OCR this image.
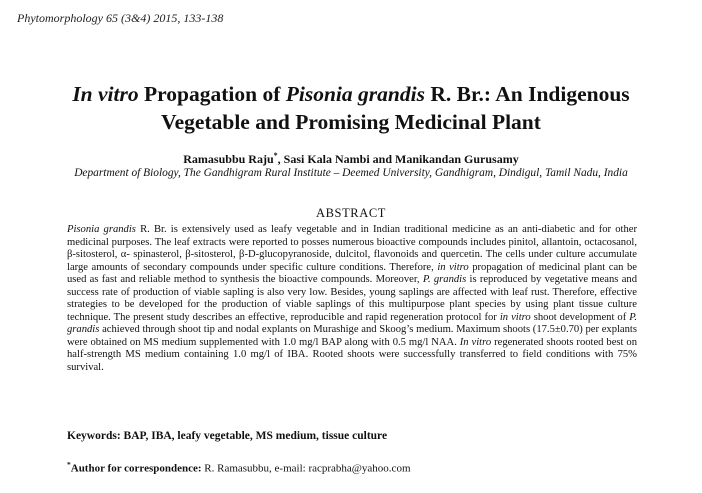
Phytomorphology 65 (3&4) 2015, 133-138
In vitro Propagation of Pisonia grandis R. Br.: An Indigenous
Vegetable and Promising Medicinal Plant
Ramasubbu Raju*, Sasi Kala Nambi and Manikandan Gurusamy
Department of Biology, The Gandhigram Rural Institute – Deemed University, Gandhigram, Dindigul, Tamil Nadu, India
ABSTRACT
Pisonia grandis R. Br. is extensively used as leafy vegetable and in Indian traditional medicine as an anti-diabetic and for other medicinal purposes. The leaf extracts were reported to posses numerous bioactive compounds includes pinitol, allantoin, octacosanol, β-sitosterol, α- spinasterol, β-sitosterol, β-D-glucopyranoside, dulcitol, flavonoids and quercetin. The cells under culture accumulate large amounts of secondary compounds under specific culture conditions. Therefore, in vitro propagation of medicinal plant can be used as fast and reliable method to synthesis the bioactive compounds. Moreover, P. grandis is reproduced by vegetative means and success rate of production of viable sapling is also very low. Besides, young saplings are affected with leaf rust. Therefore, effective strategies to be developed for the production of viable saplings of this multipurpose plant species by using plant tissue culture technique. The present study describes an effective, reproducible and rapid regeneration protocol for in vitro shoot development of P. grandis achieved through shoot tip and nodal explants on Murashige and Skoog’s medium. Maximum shoots (17.5±0.70) per explants were obtained on MS medium supplemented with 1.0 mg/l BAP along with 0.5 mg/l NAA. In vitro regenerated shoots rooted best on half-strength MS medium containing 1.0 mg/l of IBA. Rooted shoots were successfully transferred to field conditions with 75% survival.
Keywords: BAP, IBA, leafy vegetable, MS medium, tissue culture
*Author for correspondence: R. Ramasubbu, e-mail: racprabha@yahoo.com
